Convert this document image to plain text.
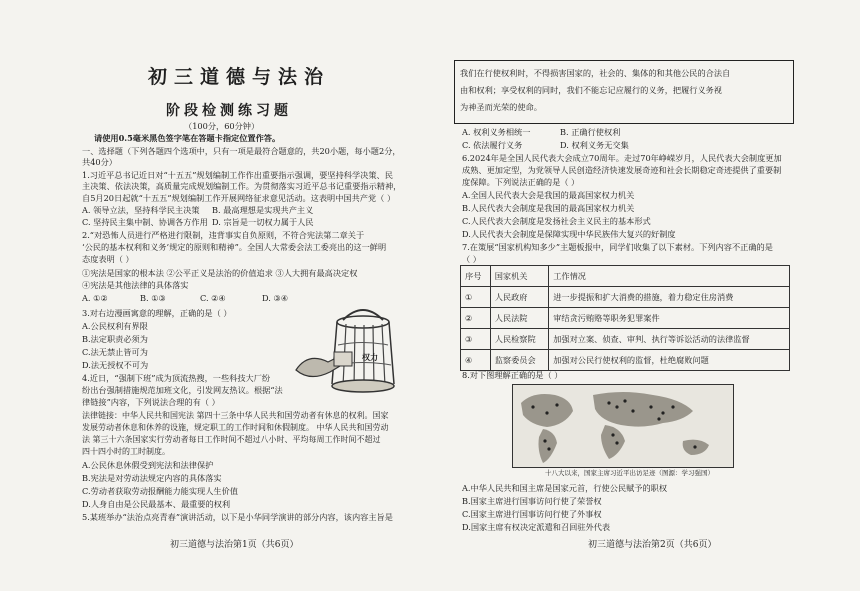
初三道德与法治
阶段检测练习题
（100分，60分钟）
请使用0.5毫米黑色签字笔在答题卡指定位置作答。
一、选择题（下列各题四个选项中，只有一项是最符合题意的，共20小题，每小题2分，
共40分）
1.习近平总书记近日对“十五五”规划编制工作作出重要指示强调，要坚持科学决策、民
主决策、依法决策，高质量完成规划编制工作。为贯彻落实习近平总书记重要指示精神，
自5月20日起就“十五五”规划编制工作开展网络征求意见活动。这表明中国共产党（ ）
A. 领导立法，坚持科学民主决策 B. 最高理想是实现共产主义
C. 坚持民主集中制、协调各方作用 D. 宗旨是一切权力属于人民
2.“对恐怖人员进行严格进行限制，违背事实自负原则，不符合宪法第二章关于
‘公民的基本权利和义务’规定的原则和精神”。全国人大常委会法工委亮出的这一鲜明
态度表明（ ）
①宪法是国家的根本法 ②公平正义是法治的价值追求 ③人大拥有最高决定权
④宪法是其他法律的具体落实
A. ①②	B. ①③	C. ②④	D. ③④
3.对右边漫画寓意的理解，正确的是（ ）
A.公民权利有界限
B.法定职责必须为
C.法无禁止皆可为
D.法无授权不可为
权力
4.近日，“强制下班”成为顶流热搜，一些科技大厂纷
纷出台强制措施规范加班文化，引发网友热议。根据“法
律链接”内容，下列说法合理的有（ ）
法律链接：中华人民共和国宪法 第四十三条中华人民共和国劳动者有休息的权利。国家
发展劳动者休息和休养的设施，规定职工的工作时间和休假制度。 中华人民共和国劳动
法 第三十六条国家实行劳动者每日工作时间不超过八小时、平均每周工作时间不超过
四十四小时的工时制度。
A.公民休息休假受到宪法和法律保护
B.宪法是对劳动法规定内容的具体落实
C.劳动者获取劳动报酬能力能实现人生价值
D.人身自由是公民最基本、最重要的权利
5.某班举办“法治点亮青春”演讲活动，以下是小华同学演讲的部分内容，该内容主旨是
初三道德与法治第1页（共6页）
我们在行使权利时，不得损害国家的，社会的、集体的和其他公民的合法自
由和权利；享受权利的同时，我们不能忘记应履行的义务，把履行义务视
为神圣而光荣的使命。
A. 权利义务相统一	B. 正确行使权利
C. 依法履行义务	D. 权利义务无交集
6.2024年是全国人民代表大会成立70周年。走过70年峥嵘岁月，人民代表大会制度更加
成熟、更加定型，为党领导人民创造经济快速发展奇迹和社会长期稳定奇迹提供了重要制
度保障。下列说法正确的是（ ）
A.全国人民代表大会是我国的最高国家权力机关
B.人民代表大会制度是我国的最高国家权力机关
C.人民代表大会制度是发扬社会主义民主的基本形式
D.人民代表大会制度是保障实现中华民族伟大复兴的好制度
7.在策展“国家机构知多少”主题板报中，同学们收集了以下素材。下列内容不正确的是
（ ）
序号	国家机关	工作情况
①	人民政府	进一步提振和扩大消费的措施，着力稳定住房消费
②	人民法院	审结贪污贿赂等职务犯罪案件
③	人民检察院	加强对立案、侦查、审判、执行等诉讼活动的法律监督
④	监察委员会	加强对公民行使权利的监督，杜绝腐败问题
8.对下图理解正确的是（ ）
十八大以来，国家主席习近平出访足迹（图源：学习强国）
A.中华人民共和国主席是国家元首，行使公民赋予的职权
B.国家主席进行国事访问行使了荣誉权
C.国家主席进行国事访问行使了外事权
D.国家主席有权决定派遣和召回驻外代表
初三道德与法治第2页（共6页）
